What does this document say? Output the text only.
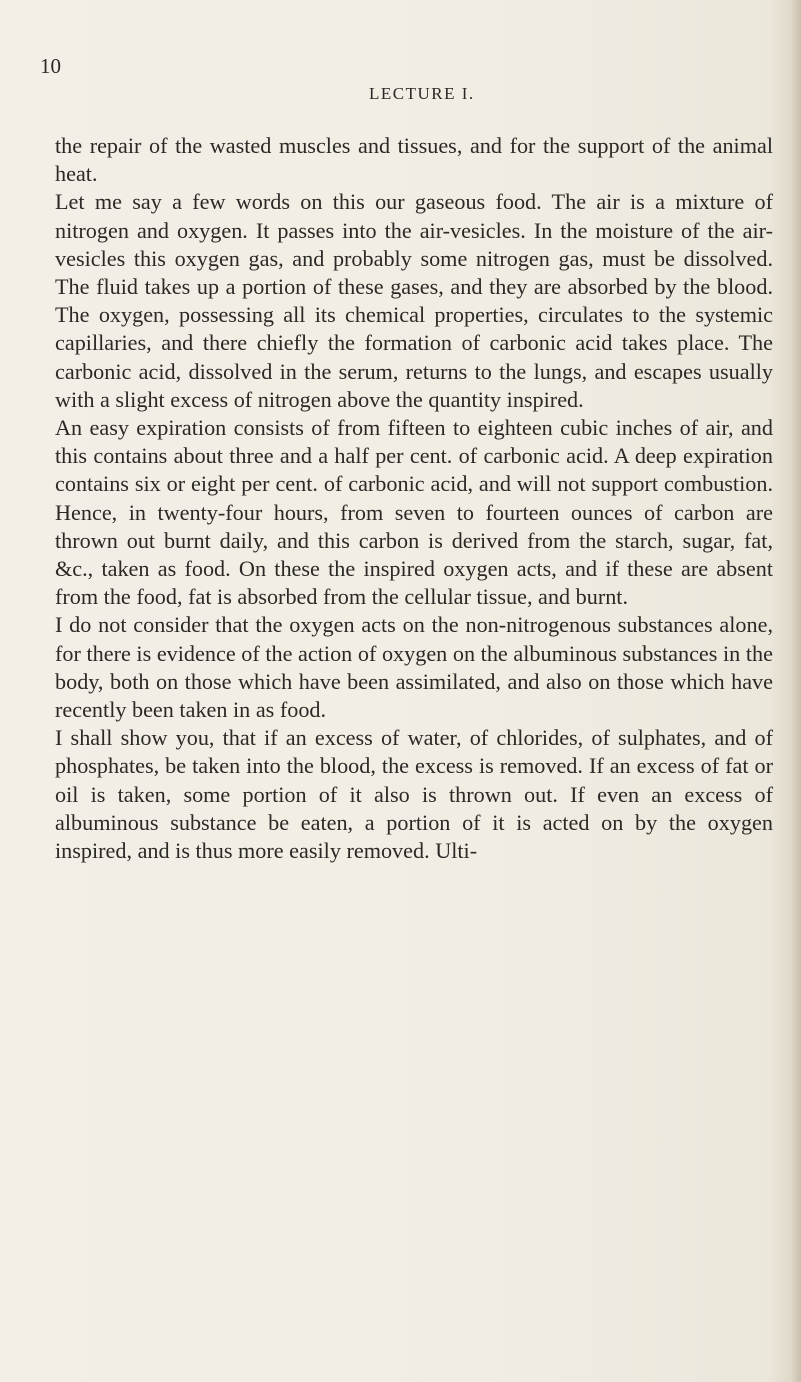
10
LECTURE I.

the repair of the wasted muscles and tissues, and for the support of the animal heat.

Let me say a few words on this our gaseous food. The air is a mixture of nitrogen and oxygen. It passes into the air-vesicles. In the moisture of the air-vesicles this oxygen gas, and probably some nitrogen gas, must be dissolved. The fluid takes up a portion of these gases, and they are absorbed by the blood. The oxygen, possessing all its chemical properties, circulates to the systemic capillaries, and there chiefly the formation of carbonic acid takes place. The carbonic acid, dissolved in the serum, returns to the lungs, and escapes usually with a slight excess of nitrogen above the quantity inspired.

An easy expiration consists of from fifteen to eighteen cubic inches of air, and this contains about three and a half per cent. of carbonic acid. A deep expiration contains six or eight per cent. of carbonic acid, and will not support combustion. Hence, in twenty-four hours, from seven to fourteen ounces of carbon are thrown out burnt daily, and this carbon is derived from the starch, sugar, fat, &c., taken as food. On these the inspired oxygen acts, and if these are absent from the food, fat is absorbed from the cellular tissue, and burnt.

I do not consider that the oxygen acts on the non-nitrogenous substances alone, for there is evidence of the action of oxygen on the albuminous substances in the body, both on those which have been assimilated, and also on those which have recently been taken in as food.

I shall show you, that if an excess of water, of chlorides, of sulphates, and of phosphates, be taken into the blood, the excess is removed. If an excess of fat or oil is taken, some portion of it also is thrown out. If even an excess of albuminous substance be eaten, a portion of it is acted on by the oxygen inspired, and is thus more easily removed. Ulti-
